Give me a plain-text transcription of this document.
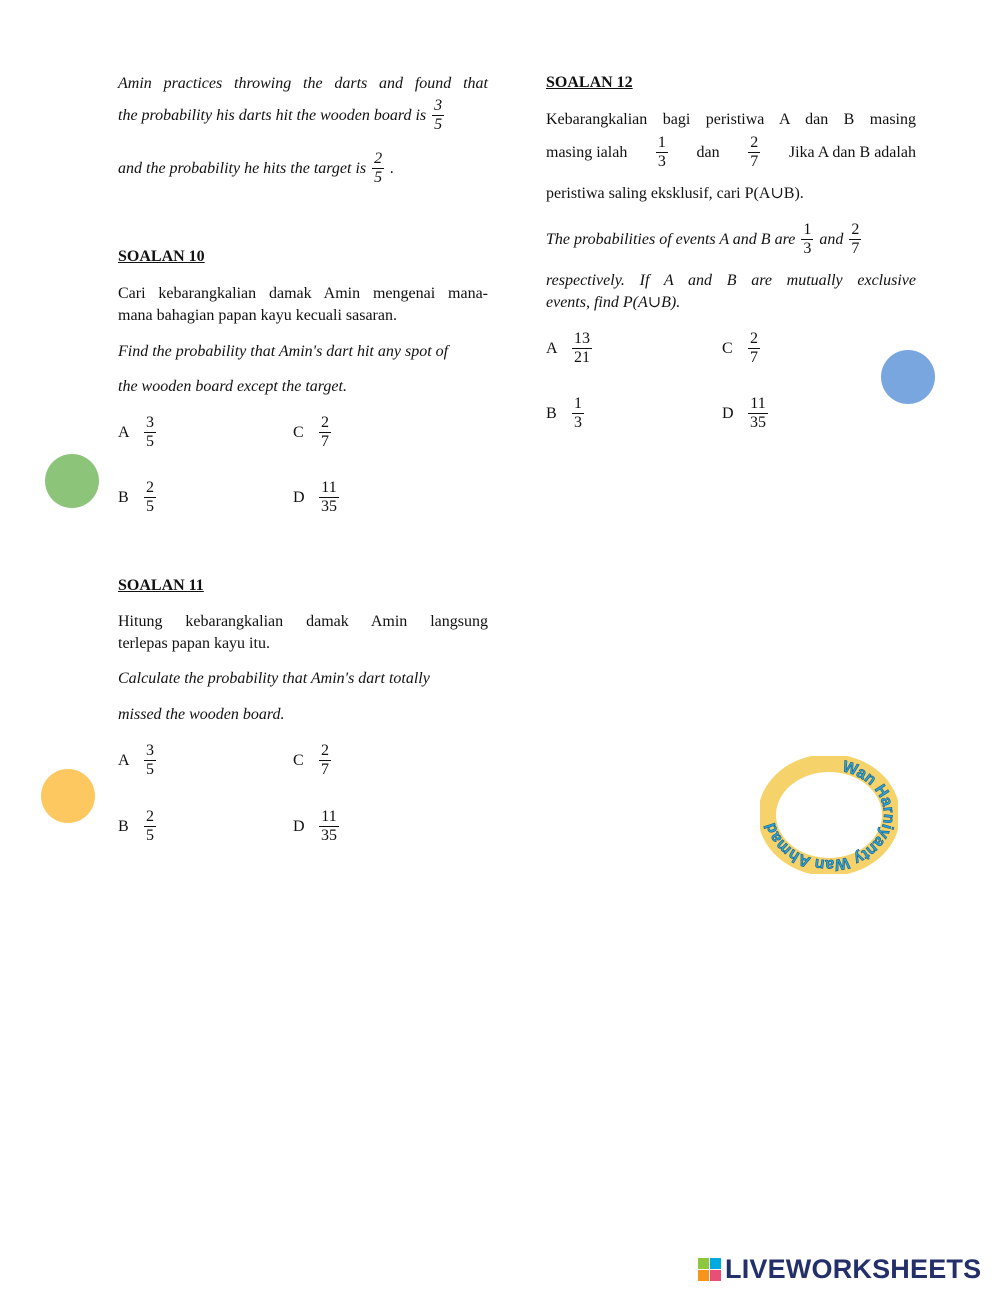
Amin practices throwing the darts and found that
the probability his darts hit the wooden board is $\frac{3}{5}$
and the probability he hits the target is $\frac{2}{5}$ .
SOALAN 10
Cari kebarangkalian damak Amin mengenai mana-
mana bahagian papan kayu kecuali sasaran.
Find the probability that Amin's dart hit any spot of
the wooden board except the target.
A $\frac{3}{5}$	C $\frac{2}{7}$
B $\frac{2}{5}$	D $\frac{11}{35}$
SOALAN 11
Hitung kebarangkalian damak Amin langsung
terlepas papan kayu itu.
Calculate the probability that Amin's dart totally
missed the wooden board.
A $\frac{3}{5}$	C $\frac{2}{7}$
B $\frac{2}{5}$	D $\frac{11}{35}$
SOALAN 12
Kebarangkalian bagi peristiwa A dan B masing
masing ialah $\frac{1}{3}$ dan $\frac{2}{7}$ Jika A dan B adalah
peristiwa saling eksklusif, cari P(A∪B).
The probabilities of events A and B are $\frac{1}{3}$ and $\frac{2}{7}$
respectively. If A and B are mutually exclusive
events, find P(A∪B).
A $\frac{13}{21}$	C $\frac{2}{7}$
B $\frac{1}{3}$	D $\frac{11}{35}$
Wan Harniyanty Wan Ahmad
LIVEWORKSHEETS
